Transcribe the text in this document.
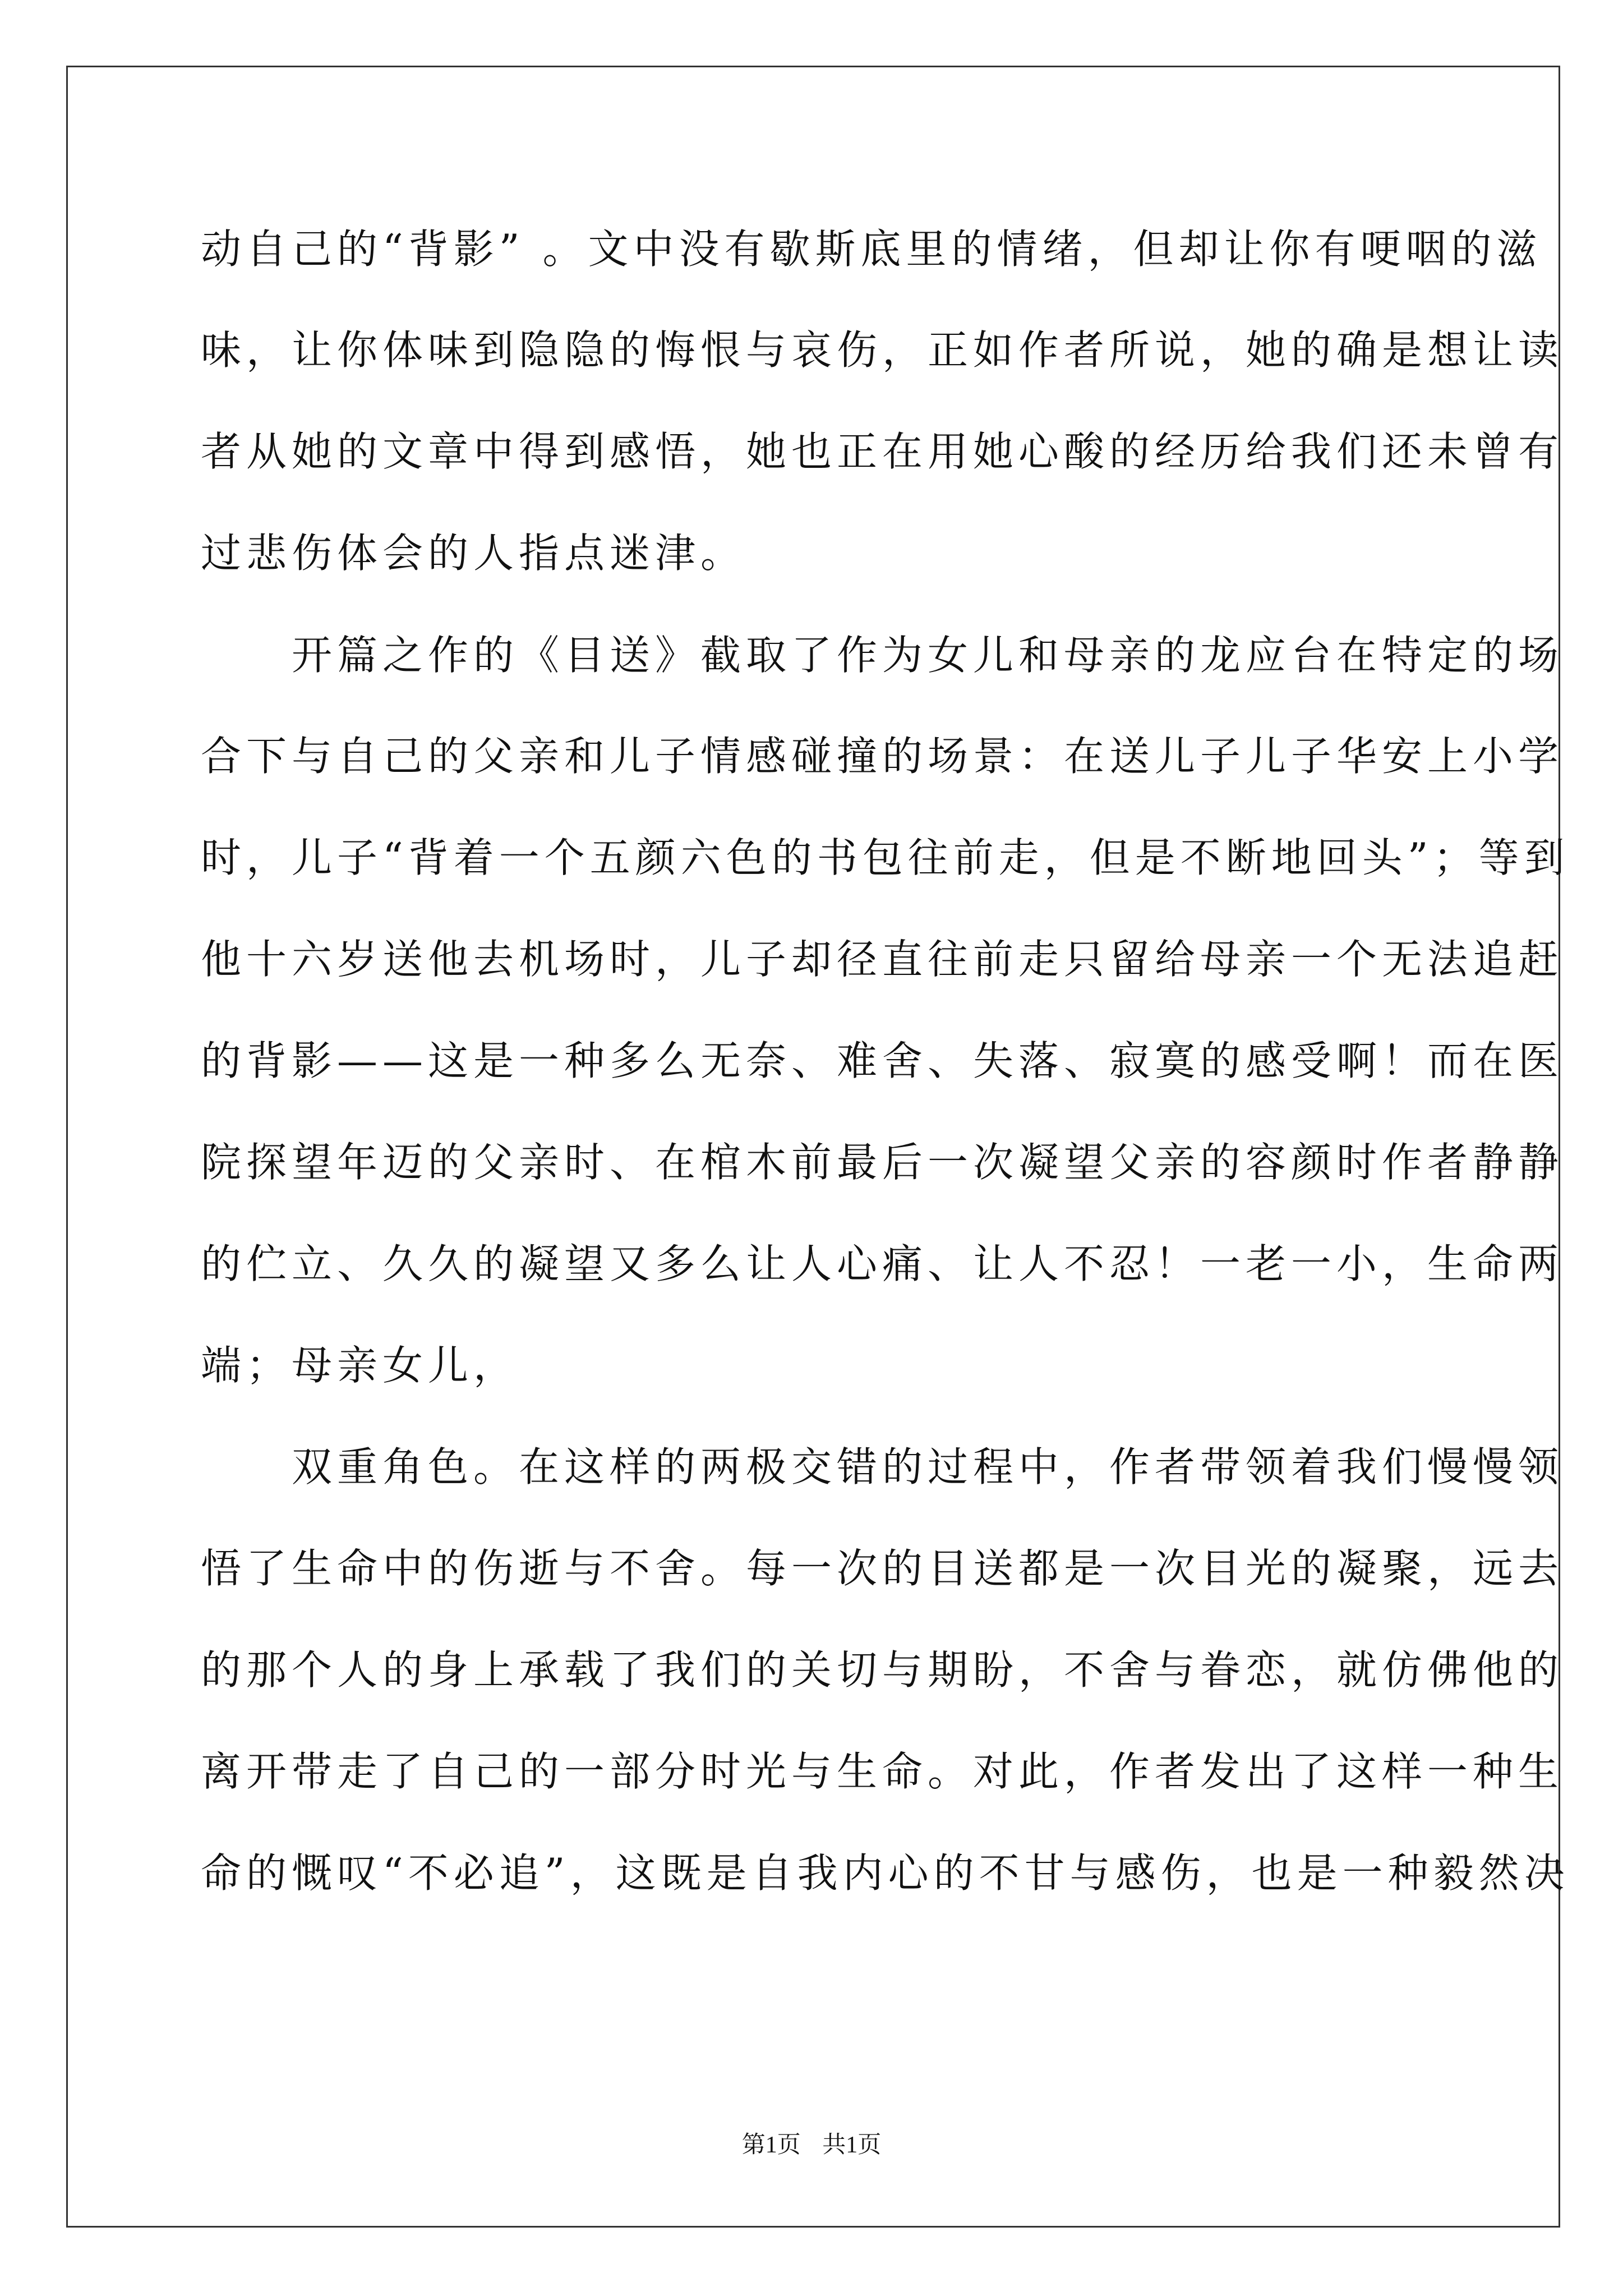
动自己的“背影” 。文中没有歇斯底里的情绪，但却让你有哽咽的滋

味，让你体味到隐隐的悔恨与哀伤，正如作者所说，她的确是想让读

者从她的文章中得到感悟，她也正在用她心酸的经历给我们还未曾有

过悲伤体会的人指点迷津。

　　开篇之作的《目送》截取了作为女儿和母亲的龙应台在特定的场

合下与自己的父亲和儿子情感碰撞的场景：在送儿子儿子华安上小学

时，儿子“背着一个五颜六色的书包往前走，但是不断地回头”；等到

他十六岁送他去机场时，儿子却径直往前走只留给母亲一个无法追赶

的背影——这是一种多么无奈、难舍、失落、寂寞的感受啊！而在医

院探望年迈的父亲时、在棺木前最后一次凝望父亲的容颜时作者静静

的伫立、久久的凝望又多么让人心痛、让人不忍！一老一小，生命两

端；母亲女儿，

　　双重角色。在这样的两极交错的过程中，作者带领着我们慢慢领

悟了生命中的伤逝与不舍。每一次的目送都是一次目光的凝聚，远去

的那个人的身上承载了我们的关切与期盼，不舍与眷恋，就仿佛他的

离开带走了自己的一部分时光与生命。对此，作者发出了这样一种生

命的慨叹“不必追”，这既是自我内心的不甘与感伤，也是一种毅然决

第1页 共1页
